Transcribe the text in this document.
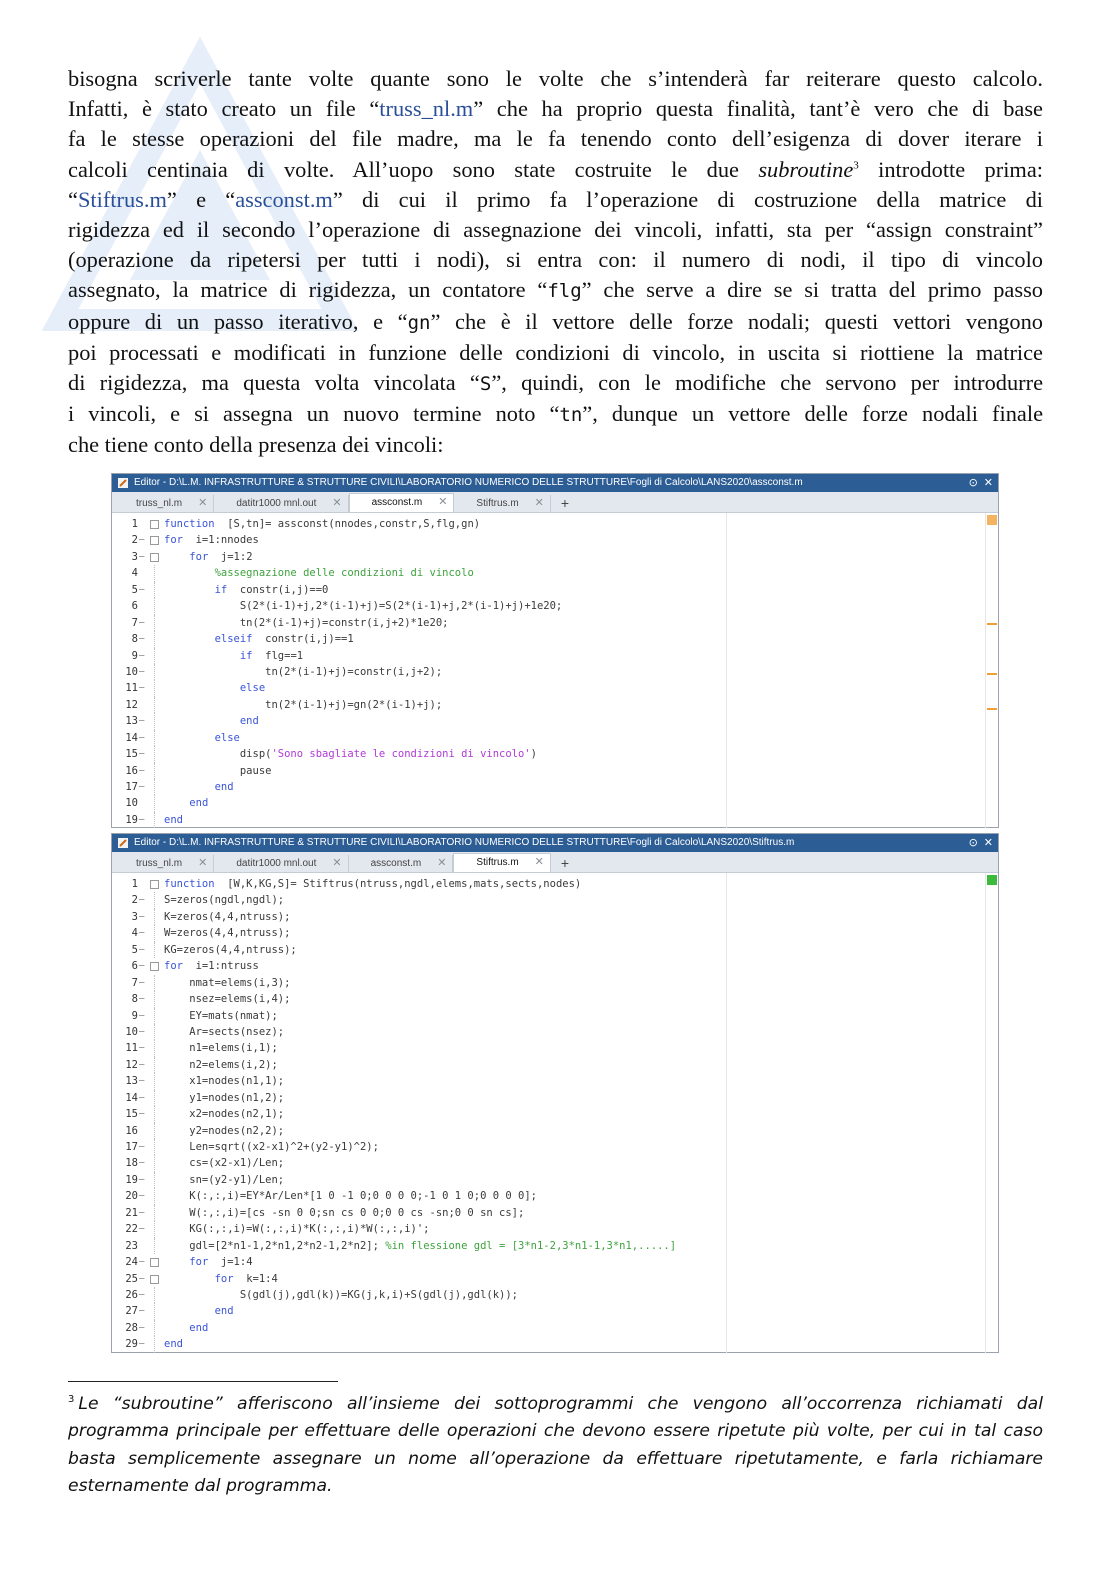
bisogna scriverle tante volte quante sono le volte che s’intenderà far reiterare questo calcolo.
Infatti, è stato creato un file “truss_nl.m” che ha proprio questa finalità, tant’è vero che di base
fa le stesse operazioni del file madre, ma le fa tenendo conto dell’esigenza di dover iterare i
calcoli centinaia di volte. All’uopo sono state costruite le due subroutine$^3$ introdotte prima:
“Stiftrus.m” e “assconst.m” di cui il primo fa l’operazione di costruzione della matrice di
rigidezza ed il secondo l’operazione di assegnazione dei vincoli, infatti, sta per “assign constraint”
(operazione da ripetersi per tutti i nodi), si entra con: il numero di nodi, il tipo di vincolo
assegnato, la matrice di rigidezza, un contatore “flg” che serve a dire se si tratta del primo passo
oppure di un passo iterativo, e “gn” che è il vettore delle forze nodali; questi vettori vengono
poi processati e modificati in funzione delle condizioni di vincolo, in uscita si riottiene la matrice
di rigidezza, ma questa volta vincolata “S”, quindi, con le modifiche che servono per introdurre
i vincoli, e si assegna un nuovo termine noto “tn”, dunque un vettore delle forze nodali finale
che tiene conto della presenza dei vincoli:
Editor - D:\L.M. INFRASTRUTTURE & STRUTTURE CIVILI\LABORATORIO NUMERICO DELLE STRUTTURE\Fogli di Calcolo\LANS2020\assconst.m	⊙ ✕
truss_nl.m ✕	datitr1000 mnl.out ✕	assconst.m ✕	Stiftrus.m ✕	+
1 function  [S,tn]= assconst(nnodes,constr,S,flg,gn)
2 – for  i=1:nnodes
3 –	for  j=1:2
4	%assegnazione delle condizioni di vincolo
5 –	if  constr(i,j)==0
6 S(2*(i-1)+j,2*(i-1)+j)=S(2*(i-1)+j,2*(i-1)+j)+1e20;
7 – tn(2*(i-1)+j)=constr(i,j+2)*1e20;
8 –	elseif  constr(i,j)==1
9 –	if  flg==1
10 – tn(2*(i-1)+j)=constr(i,j+2);
11 –	else
12 tn(2*(i-1)+j)=gn(2*(i-1)+j);
13 –	end
14 –	else
15 – disp('Sono sbagliate le condizioni di vincolo')
16 – pause
17 –	end
10	end
19 – end
Editor - D:\L.M. INFRASTRUTTURE & STRUTTURE CIVILI\LABORATORIO NUMERICO DELLE STRUTTURE\Fogli di Calcolo\LANS2020\Stiftrus.m	⊙ ✕
truss_nl.m ✕	datitr1000 mnl.out ✕	assconst.m ✕	Stiftrus.m ✕	+
1 function  [W,K,KG,S]= Stiftrus(ntruss,ngdl,elems,mats,sects,nodes)
2 – S=zeros(ngdl,ngdl);
3 – K=zeros(4,4,ntruss);
4 – W=zeros(4,4,ntruss);
5 – KG=zeros(4,4,ntruss);
6 – for  i=1:ntruss
7 – nmat=elems(i,3);
8 – nsez=elems(i,4);
9 – EY=mats(nmat);
10 – Ar=sects(nsez);
11 – n1=elems(i,1);
12 – n2=elems(i,2);
13 – x1=nodes(n1,1);
14 – y1=nodes(n1,2);
15 – x2=nodes(n2,1);
16 y2=nodes(n2,2);
17 – Len=sqrt((x2-x1)^2+(y2-y1)^2);
18 – cs=(x2-x1)/Len;
19 – sn=(y2-y1)/Len;
20 – K(:,:,i)=EY*Ar/Len*[1 0 -1 0;0 0 0 0;-1 0 1 0;0 0 0 0];
21 – W(:,:,i)=[cs -sn 0 0;sn cs 0 0;0 0 cs -sn;0 0 sn cs];
22 – KG(:,:,i)=W(:,:,i)*K(:,:,i)*W(:,:,i)';
23 gdl=[2*n1-1,2*n1,2*n2-1,2*n2]; %in flessione gdl = [3*n1-2,3*n1-1,3*n1,.....]
24 –	for  j=1:4
25 –	for  k=1:4
26 – S(gdl(j),gdl(k))=KG(j,k,i)+S(gdl(j),gdl(k));
27 –	end
28 –	end
29 – end
$^3$ Le “subroutine” afferiscono all’insieme dei sottoprogrammi che vengono all’occorrenza richiamati dal
programma principale per effettuare delle operazioni che devono essere ripetute più volte, per cui in tal caso
basta semplicemente assegnare un nome all’operazione da effettuare ripetutamente, e farla richiamare
esternamente dal programma.
